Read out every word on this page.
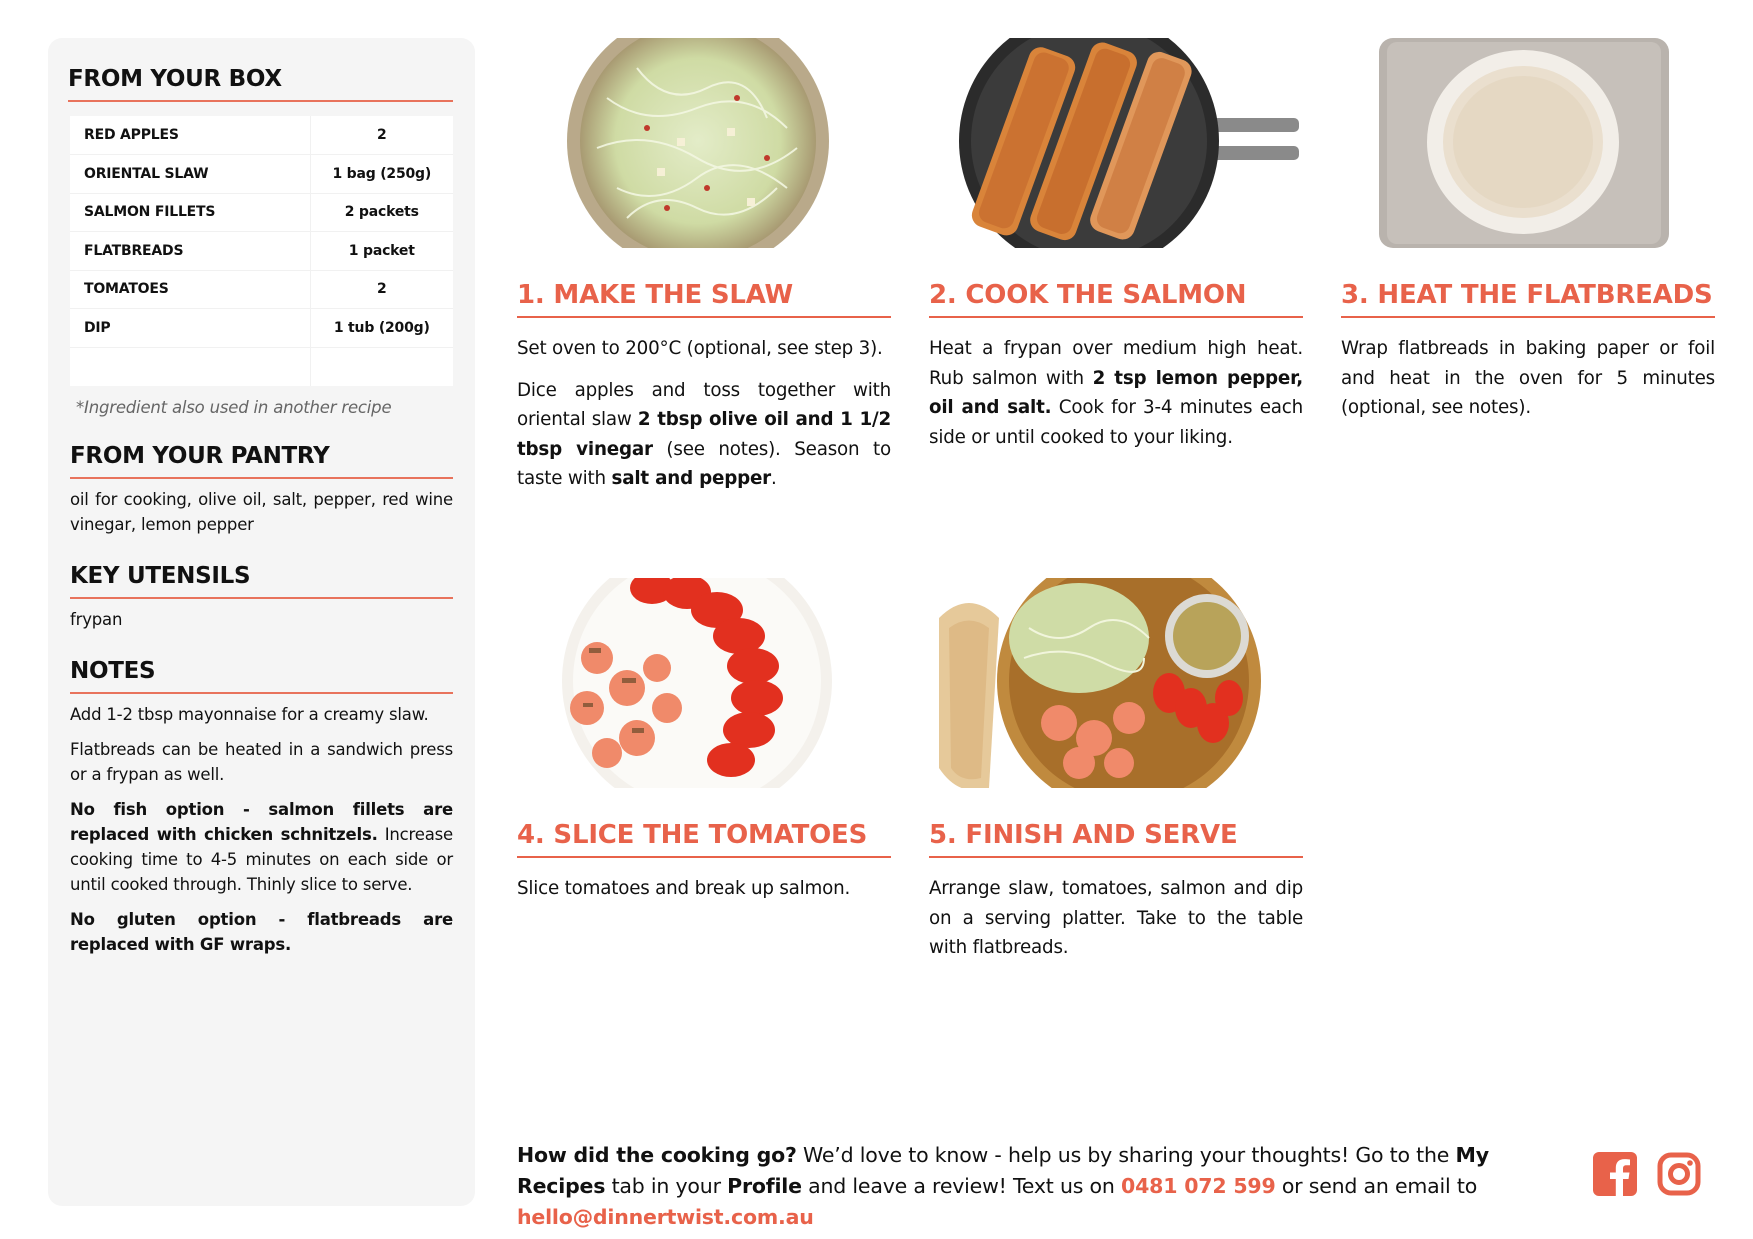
FROM YOUR BOX
RED APPLES	2
ORIENTAL SLAW	1 bag (250g)
SALMON FILLETS	2 packets
FLATBREADS	1 packet
TOMATOES	2
DIP	1 tub (200g)

*Ingredient also used in another recipe
FROM YOUR PANTRY
oil for cooking, olive oil, salt, pepper, red wine vinegar, lemon pepper
KEY UTENSILS
frypan
NOTES

Add 1-2 tbsp mayonnaise for a creamy slaw.

Flatbreads can be heated in a sandwich press or a frypan as well.

No fish option - salmon fillets are replaced with chicken schnitzels. Increase cooking time to 4-5 minutes on each side or until cooked through. Thinly slice to serve.

No gluten option - flatbreads are replaced with GF wraps.

1. MAKE THE SLAW

Set oven to 200°C (optional, see step 3).

Dice apples and toss together with oriental slaw 2 tbsp olive oil and 1 1/2 tbsp vinegar (see notes). Season to taste with salt and pepper.

2. COOK THE SALMON

Heat a frypan over medium high heat. Rub salmon with 2 tsp lemon pepper, oil and salt. Cook for 3-4 minutes each side or until cooked to your liking.

3. HEAT THE FLATBREADS

Wrap flatbreads in baking paper or foil and heat in the oven for 5 minutes (optional, see notes).

4. SLICE THE TOMATOES

Slice tomatoes and break up salmon.

5. FINISH AND SERVE

Arrange slaw, tomatoes, salmon and dip on a serving platter. Take to the table with flatbreads.

How did the cooking go? We’d love to know - help us by sharing your thoughts! Go to the My Recipes tab in your Profile and leave a review! Text us on 0481 072 599 or send an email to hello@dinnertwist.com.au
